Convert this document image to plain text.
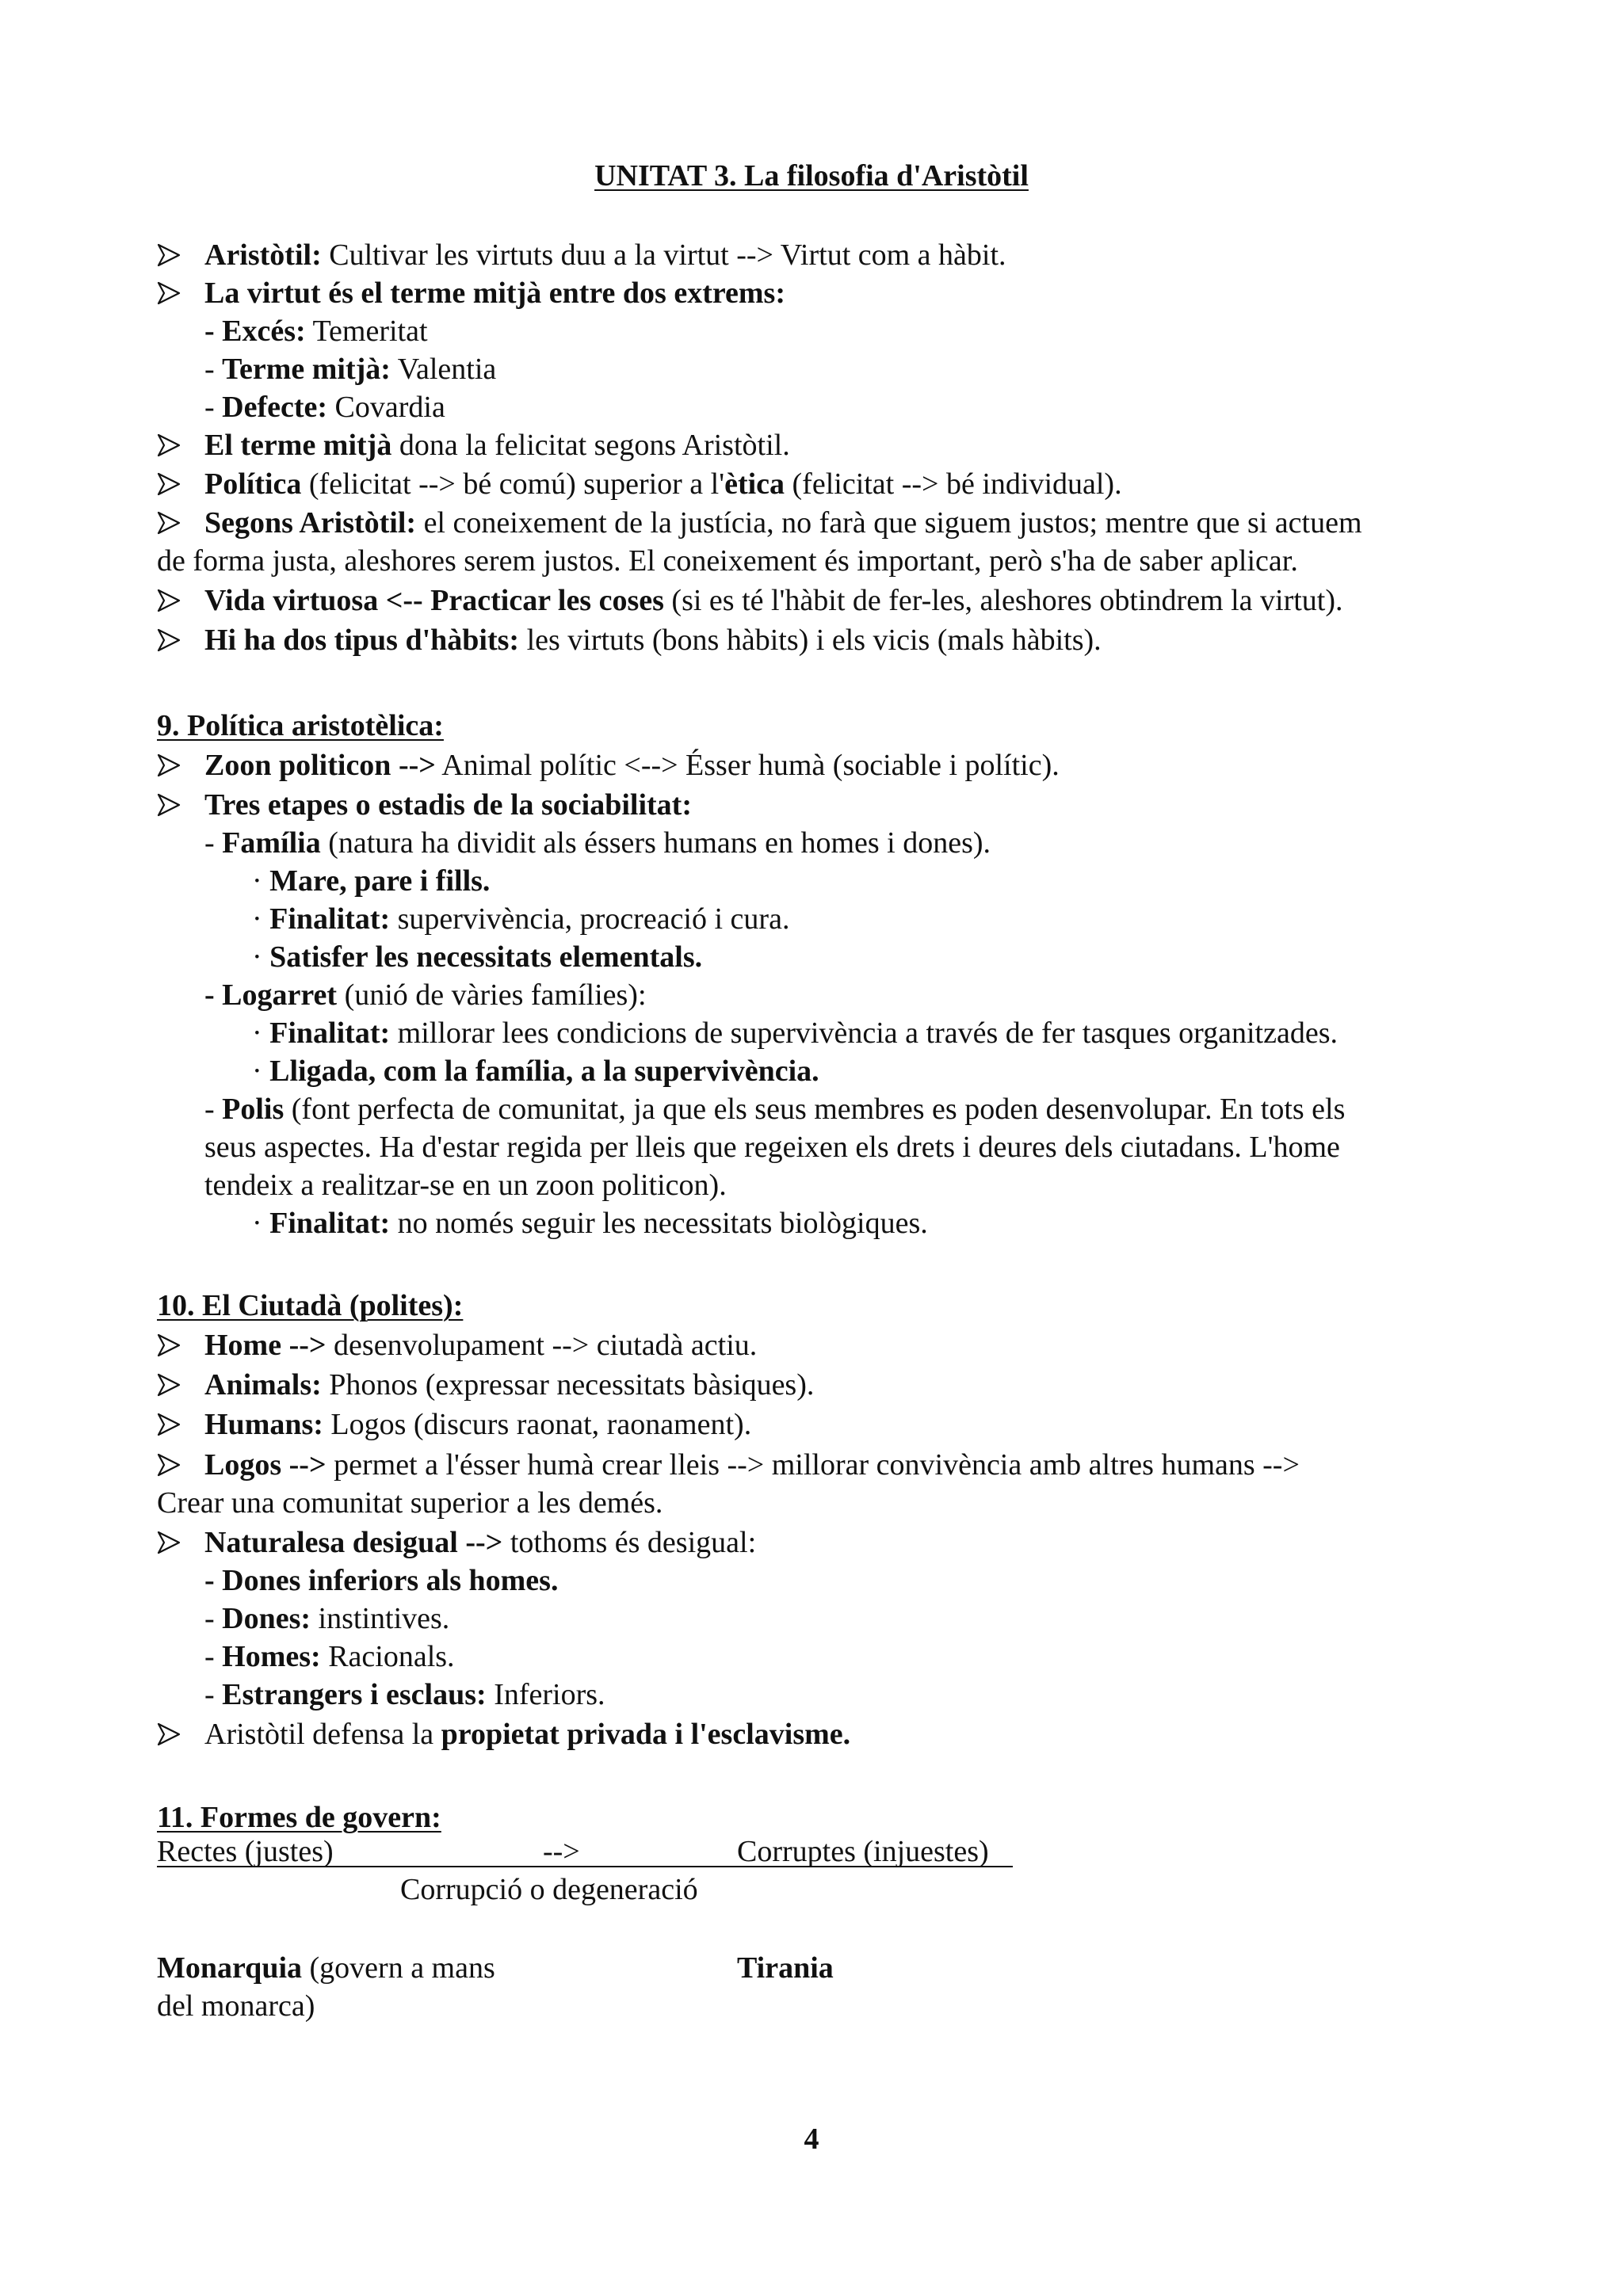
UNITAT 3. La filosofia d'Aristòtil
Aristòtil: Cultivar les virtuts duu a la virtut --> Virtut com a hàbit.
La virtut és el terme mitjà entre dos extrems:
- Excés: Temeritat
- Terme mitjà: Valentia
- Defecte: Covardia
El terme mitjà dona la felicitat segons Aristòtil.
Política (felicitat --> bé comú) superior a l'ètica (felicitat --> bé individual).
Segons Aristòtil: el coneixement de la justícia, no farà que siguem justos; mentre que si actuem
de forma justa, aleshores serem justos. El coneixement és important, però s'ha de saber aplicar.
Vida virtuosa <-- Practicar les coses (si es té l'hàbit de fer-les, aleshores obtindrem la virtut).
Hi ha dos tipus d'hàbits: les virtuts (bons hàbits) i els vicis (mals hàbits).
9. Política aristotèlica:
Zoon politicon --> Animal polític <--> Ésser humà (sociable i polític).
Tres etapes o estadis de la sociabilitat:
- Família (natura ha dividit als éssers humans en homes i dones).
· Mare, pare i fills.
· Finalitat: supervivència, procreació i cura.
· Satisfer les necessitats elementals.
- Logarret (unió de vàries famílies):
· Finalitat: millorar lees condicions de supervivència a través de fer tasques organitzades.
· Lligada, com la família, a la supervivència.
- Polis (font perfecta de comunitat, ja que els seus membres es poden desenvolupar. En tots els
seus aspectes. Ha d'estar regida per lleis que regeixen els drets i deures dels ciutadans. L'home
tendeix a realitzar-se en un zoon politicon).
· Finalitat: no només seguir les necessitats biològiques.
10. El Ciutadà (polites):
Home --> desenvolupament --> ciutadà actiu.
Animals: Phonos (expressar necessitats bàsiques).
Humans: Logos (discurs raonat, raonament).
Logos --> permet a l'ésser humà crear lleis --> millorar convivència amb altres humans -->
Crear una comunitat superior a les demés.
Naturalesa desigual --> tothoms és desigual:
- Dones inferiors als homes.
- Dones: instintives.
- Homes: Racionals.
- Estrangers i esclaus: Inferiors.
Aristòtil defensa la propietat privada i l'esclavisme.
11. Formes de govern:
Rectes (justes)	-->	Corruptes (injuestes)
Corrupció o degeneració
Monarquia (govern a mans
del monarca)
Tirania
4
